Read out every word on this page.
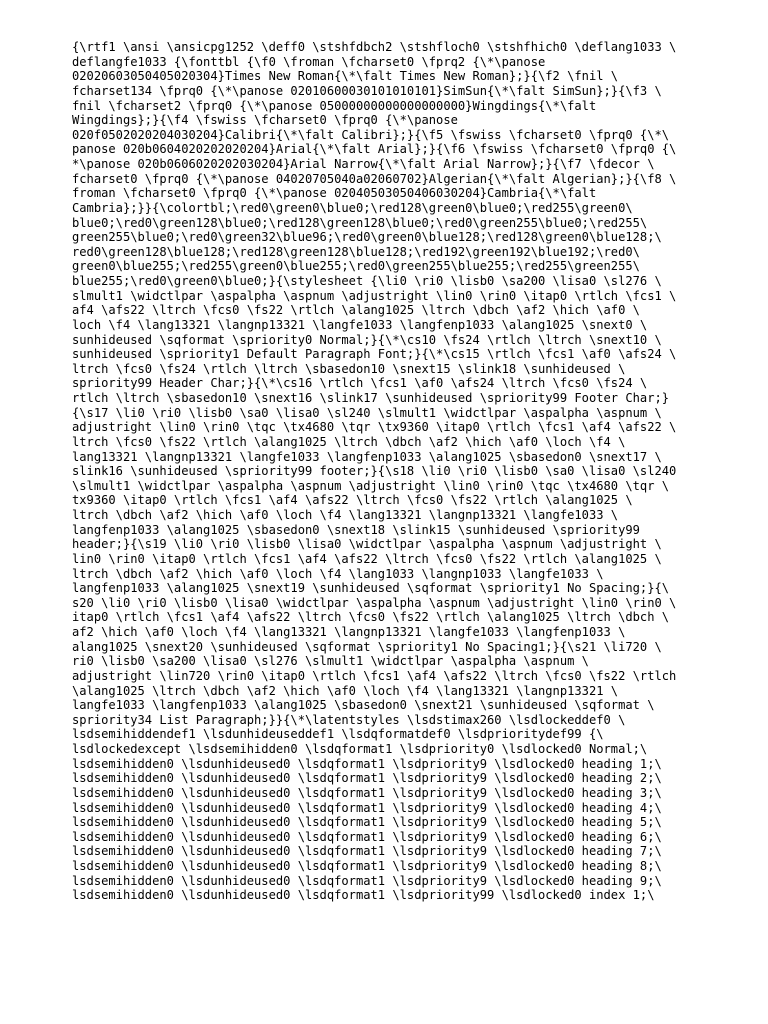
{\rtf1 \ansi \ansicpg1252 \deff0 \stshfdbch2 \stshfloch0 \stshfhich0 \deflang1033 \
deflangfe1033 {\fonttbl {\f0 \froman \fcharset0 \fprq2 {\*\panose
02020603050405020304}Times New Roman{\*\falt Times New Roman};}{\f2 \fnil \
fcharset134 \fprq0 {\*\panose 02010600030101010101}SimSun{\*\falt SimSun};}{\f3 \
fnil \fcharset2 \fprq0 {\*\panose 05000000000000000000}Wingdings{\*\falt
Wingdings};}{\f4 \fswiss \fcharset0 \fprq0 {\*\panose
020f0502020204030204}Calibri{\*\falt Calibri};}{\f5 \fswiss \fcharset0 \fprq0 {\*\
panose 020b0604020202020204}Arial{\*\falt Arial};}{\f6 \fswiss \fcharset0 \fprq0 {\
*\panose 020b0606020202030204}Arial Narrow{\*\falt Arial Narrow};}{\f7 \fdecor \
fcharset0 \fprq0 {\*\panose 04020705040a02060702}Algerian{\*\falt Algerian};}{\f8 \
froman \fcharset0 \fprq0 {\*\panose 02040503050406030204}Cambria{\*\falt
Cambria};}}{\colortbl;\red0\green0\blue0;\red128\green0\blue0;\red255\green0\
blue0;\red0\green128\blue0;\red128\green128\blue0;\red0\green255\blue0;\red255\
green255\blue0;\red0\green32\blue96;\red0\green0\blue128;\red128\green0\blue128;\
red0\green128\blue128;\red128\green128\blue128;\red192\green192\blue192;\red0\
green0\blue255;\red255\green0\blue255;\red0\green255\blue255;\red255\green255\
blue255;\red0\green0\blue0;}{\stylesheet {\li0 \ri0 \lisb0 \sa200 \lisa0 \sl276 \
slmult1 \widctlpar \aspalpha \aspnum \adjustright \lin0 \rin0 \itap0 \rtlch \fcs1 \
af4 \afs22 \ltrch \fcs0 \fs22 \rtlch \alang1025 \ltrch \dbch \af2 \hich \af0 \
loch \f4 \lang13321 \langnp13321 \langfe1033 \langfenp1033 \alang1025 \snext0 \
sunhideused \sqformat \spriority0 Normal;}{\*\cs10 \fs24 \rtlch \ltrch \snext10 \
sunhideused \spriority1 Default Paragraph Font;}{\*\cs15 \rtlch \fcs1 \af0 \afs24 \
ltrch \fcs0 \fs24 \rtlch \ltrch \sbasedon10 \snext15 \slink18 \sunhideused \
spriority99 Header Char;}{\*\cs16 \rtlch \fcs1 \af0 \afs24 \ltrch \fcs0 \fs24 \
rtlch \ltrch \sbasedon10 \snext16 \slink17 \sunhideused \spriority99 Footer Char;}
{\s17 \li0 \ri0 \lisb0 \sa0 \lisa0 \sl240 \slmult1 \widctlpar \aspalpha \aspnum \
adjustright \lin0 \rin0 \tqc \tx4680 \tqr \tx9360 \itap0 \rtlch \fcs1 \af4 \afs22 \
ltrch \fcs0 \fs22 \rtlch \alang1025 \ltrch \dbch \af2 \hich \af0 \loch \f4 \
lang13321 \langnp13321 \langfe1033 \langfenp1033 \alang1025 \sbasedon0 \snext17 \
slink16 \sunhideused \spriority99 footer;}{\s18 \li0 \ri0 \lisb0 \sa0 \lisa0 \sl240
\slmult1 \widctlpar \aspalpha \aspnum \adjustright \lin0 \rin0 \tqc \tx4680 \tqr \
tx9360 \itap0 \rtlch \fcs1 \af4 \afs22 \ltrch \fcs0 \fs22 \rtlch \alang1025 \
ltrch \dbch \af2 \hich \af0 \loch \f4 \lang13321 \langnp13321 \langfe1033 \
langfenp1033 \alang1025 \sbasedon0 \snext18 \slink15 \sunhideused \spriority99
header;}{\s19 \li0 \ri0 \lisb0 \lisa0 \widctlpar \aspalpha \aspnum \adjustright \
lin0 \rin0 \itap0 \rtlch \fcs1 \af4 \afs22 \ltrch \fcs0 \fs22 \rtlch \alang1025 \
ltrch \dbch \af2 \hich \af0 \loch \f4 \lang1033 \langnp1033 \langfe1033 \
langfenp1033 \alang1025 \snext19 \sunhideused \sqformat \spriority1 No Spacing;}{\
s20 \li0 \ri0 \lisb0 \lisa0 \widctlpar \aspalpha \aspnum \adjustright \lin0 \rin0 \
itap0 \rtlch \fcs1 \af4 \afs22 \ltrch \fcs0 \fs22 \rtlch \alang1025 \ltrch \dbch \
af2 \hich \af0 \loch \f4 \lang13321 \langnp13321 \langfe1033 \langfenp1033 \
alang1025 \snext20 \sunhideused \sqformat \spriority1 No Spacing1;}{\s21 \li720 \
ri0 \lisb0 \sa200 \lisa0 \sl276 \slmult1 \widctlpar \aspalpha \aspnum \
adjustright \lin720 \rin0 \itap0 \rtlch \fcs1 \af4 \afs22 \ltrch \fcs0 \fs22 \rtlch
\alang1025 \ltrch \dbch \af2 \hich \af0 \loch \f4 \lang13321 \langnp13321 \
langfe1033 \langfenp1033 \alang1025 \sbasedon0 \snext21 \sunhideused \sqformat \
spriority34 List Paragraph;}}{\*\latentstyles \lsdstimax260 \lsdlockeddef0 \
lsdsemihiddendef1 \lsdunhideuseddef1 \lsdqformatdef0 \lsdprioritydef99 {\
lsdlockedexcept \lsdsemihidden0 \lsdqformat1 \lsdpriority0 \lsdlocked0 Normal;\
lsdsemihidden0 \lsdunhideused0 \lsdqformat1 \lsdpriority9 \lsdlocked0 heading 1;\
lsdsemihidden0 \lsdunhideused0 \lsdqformat1 \lsdpriority9 \lsdlocked0 heading 2;\
lsdsemihidden0 \lsdunhideused0 \lsdqformat1 \lsdpriority9 \lsdlocked0 heading 3;\
lsdsemihidden0 \lsdunhideused0 \lsdqformat1 \lsdpriority9 \lsdlocked0 heading 4;\
lsdsemihidden0 \lsdunhideused0 \lsdqformat1 \lsdpriority9 \lsdlocked0 heading 5;\
lsdsemihidden0 \lsdunhideused0 \lsdqformat1 \lsdpriority9 \lsdlocked0 heading 6;\
lsdsemihidden0 \lsdunhideused0 \lsdqformat1 \lsdpriority9 \lsdlocked0 heading 7;\
lsdsemihidden0 \lsdunhideused0 \lsdqformat1 \lsdpriority9 \lsdlocked0 heading 8;\
lsdsemihidden0 \lsdunhideused0 \lsdqformat1 \lsdpriority9 \lsdlocked0 heading 9;\
lsdsemihidden0 \lsdunhideused0 \lsdqformat1 \lsdpriority99 \lsdlocked0 index 1;\
